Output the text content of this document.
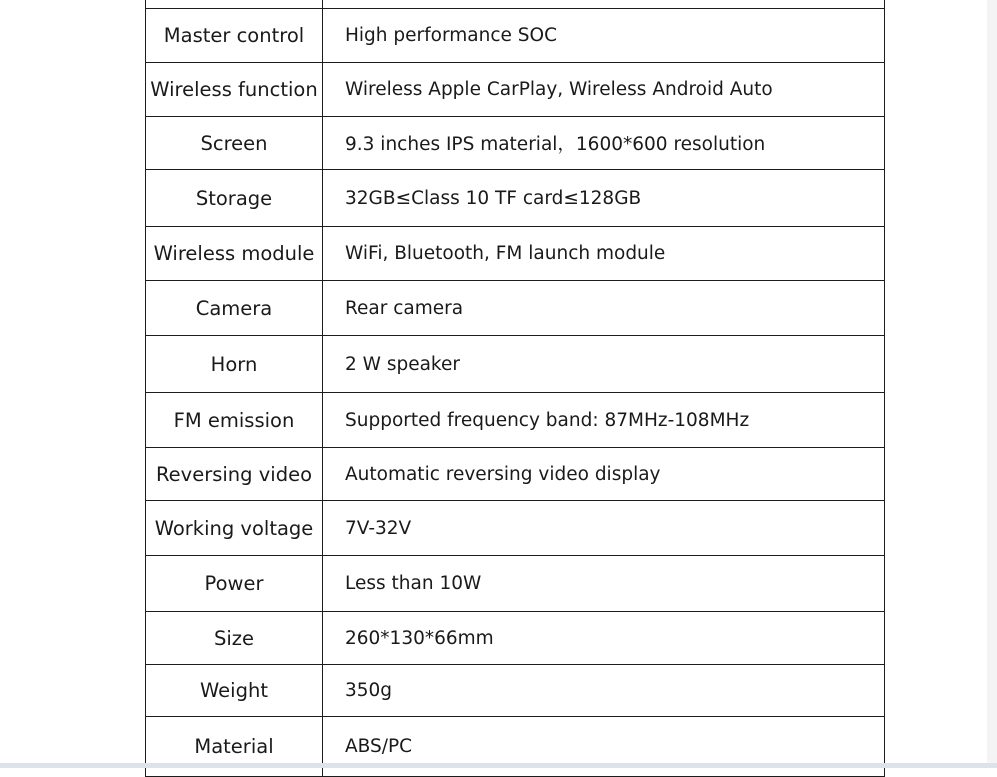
Master control	High performance SOC
Wireless function	Wireless Apple CarPlay, Wireless Android Auto
Screen	9.3 inches IPS material，1600*600 resolution
Storage	32GB≤Class 10 TF card≤128GB
Wireless module	WiFi, Bluetooth, FM launch module
Camera	Rear camera
Horn	2 W speaker
FM emission	Supported frequency band: 87MHz-108MHz
Reversing video	Automatic reversing video display
Working voltage	7V-32V
Power	Less than 10W
Size	260*130*66mm
Weight	350g
Material	ABS/PC
